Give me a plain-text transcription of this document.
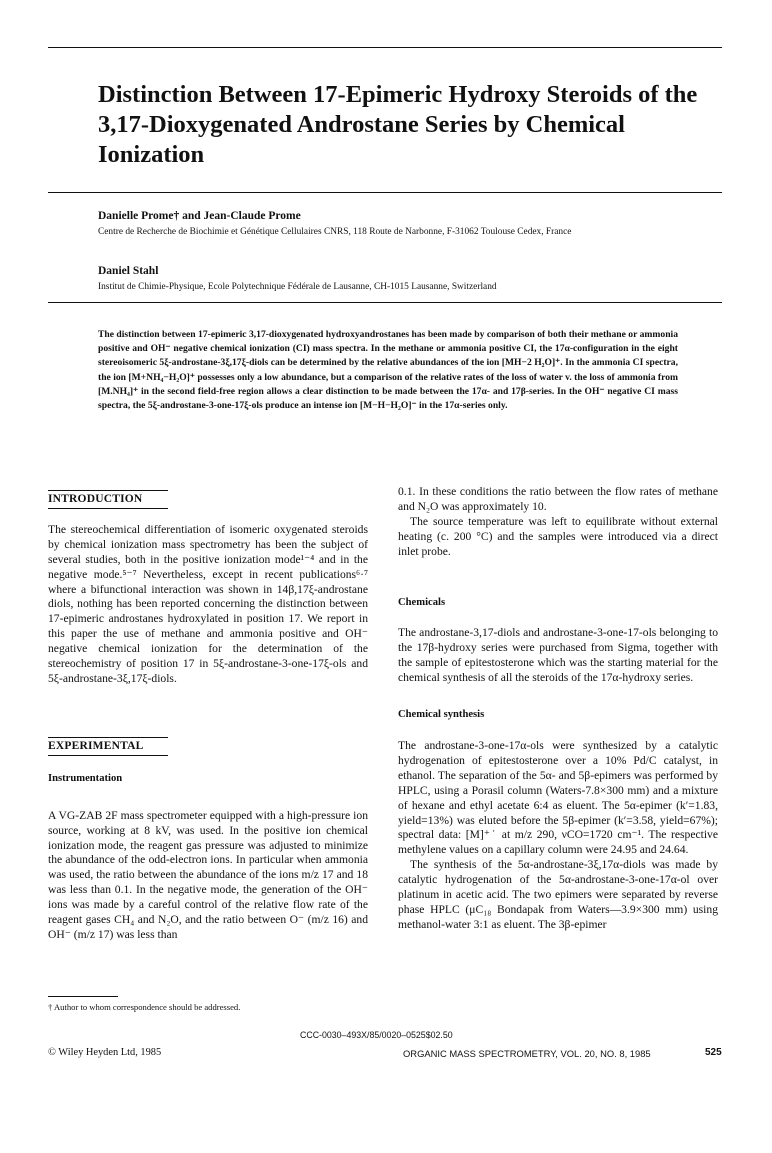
Distinction Between 17-Epimeric Hydroxy Steroids of the 3,17-Dioxygenated Androstane Series by Chemical Ionization
Danielle Prome† and Jean-Claude Prome
Centre de Recherche de Biochimie et Génétique Cellulaires CNRS, 118 Route de Narbonne, F-31062 Toulouse Cedex, France
Daniel Stahl
Institut de Chimie-Physique, Ecole Polytechnique Fédérale de Lausanne, CH-1015 Lausanne, Switzerland

The distinction between 17-epimeric 3,17-dioxygenated hydroxyandrostanes has been made by comparison of both their methane or ammonia positive and OH⁻ negative chemical ionization (CI) mass spectra. In the methane or ammonia positive CI, the 17α-configuration in the eight stereoisomeric 5ξ-androstane-3ξ,17ξ-diols can be determined by the relative abundances of the ion [MH−2 H₂O]⁺. In the ammonia CI spectra, the ion [M+NH₄−H₂O]⁺ possesses only a low abundance, but a comparison of the relative rates of the loss of water v. the loss of ammonia from [M.NH₄]⁺ in the second field-free region allows a clear distinction to be made between the 17α- and 17β-series. In the OH⁻ negative CI mass spectra, the 5ξ-androstane-3-one-17ξ-ols produce an intense ion [M−H−H₂O]⁻ in the 17α-series only.

INTRODUCTION

The stereochemical differentiation of isomeric oxygenated steroids by chemical ionization mass spectrometry has been the subject of several studies, both in the positive ionization mode¹⁻⁴ and in the negative mode.⁵⁻⁷ Nevertheless, except in recent publications⁶·⁷ where a bifunctional interaction was shown in 14β,17ξ-androstane diols, nothing has been reported concerning the distinction between 17-epimeric androstanes hydroxylated in position 17. We report in this paper the use of methane and ammonia positive and OH⁻ negative chemical ionization for the determination of the stereochemistry of position 17 in 5ξ-androstane-3-one-17ξ-ols and 5ξ-androstane-3ξ,17ξ-diols.

EXPERIMENTAL
Instrumentation

A VG-ZAB 2F mass spectrometer equipped with a high-pressure ion source, working at 8 kV, was used. In the positive ion chemical ionization mode, the reagent gas pressure was adjusted to minimize the abundance of the odd-electron ions. In particular when ammonia was used, the ratio between the abundance of the ions m/z 17 and 18 was less than 0.1. In the negative mode, the generation of the OH⁻ ions was made by a careful control of the relative flow rate of the reagent gases CH₄ and N₂O, and the ratio between O⁻ (m/z 16) and OH⁻ (m/z 17) was less than

0.1. In these conditions the ratio between the flow rates of methane and N₂O was approximately 10.

The source temperature was left to equilibrate without external heating (c. 200 °C) and the samples were introduced via a direct inlet probe.

Chemicals

The androstane-3,17-diols and androstane-3-one-17-ols belonging to the 17β-hydroxy series were purchased from Sigma, together with the sample of epitestosterone which was the starting material for the chemical synthesis of all the steroids of the 17α-hydroxy series.

Chemical synthesis

The androstane-3-one-17α-ols were synthesized by a catalytic hydrogenation of epitestosterone over a 10% Pd/C catalyst, in ethanol. The separation of the 5α- and 5β-epimers was performed by HPLC, using a Porasil column (Waters-7.8×300 mm) and a mixture of hexane and ethyl acetate 6:4 as eluent. The 5α-epimer (k′=1.83, yield=13%) was eluted before the 5β-epimer (k′=3.58, yield=67%); spectral data: [M]⁺˙ at m/z 290, νCO=1720 cm⁻¹. The respective methylene values on a capillary column were 24.95 and 24.64.

The synthesis of the 5α-androstane-3ξ,17α-diols was made by catalytic hydrogenation of the 5α-androstane-3-one-17α-ol over platinum in acetic acid. The two epimers were separated by reverse phase HPLC (μC₁₈ Bondapak from Waters—3.9×300 mm) using methanol-water 3:1 as eluent. The 3β-epimer

† Author to whom correspondence should be addressed.
CCC-0030–493X/85/0020–0525$02.50
© Wiley Heyden Ltd, 1985	ORGANIC MASS SPECTROMETRY, VOL. 20, NO. 8, 1985	525
